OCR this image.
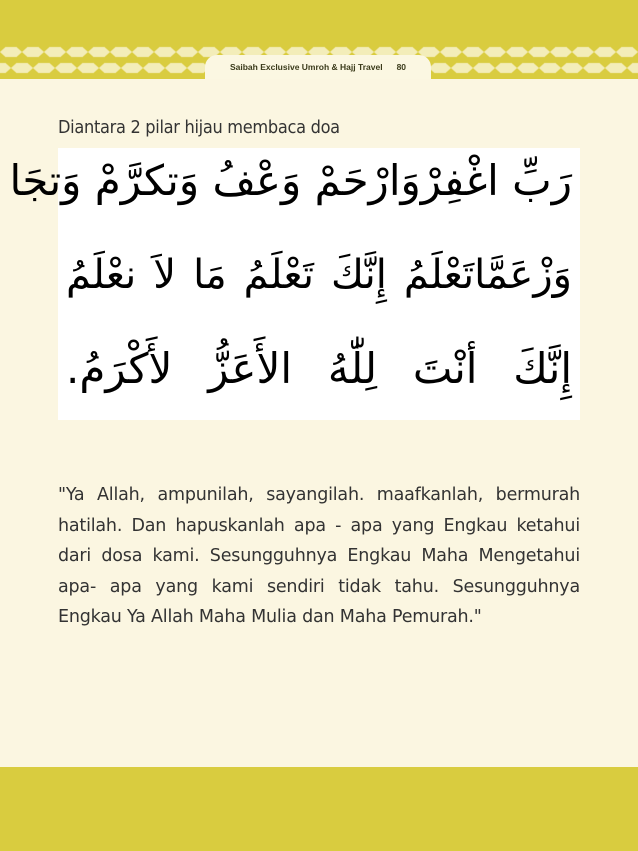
Saibah Exclusive Umroh & Hajj Travel 80
Diantara 2 pilar hijau membaca doa
رَبِّ اغْفِرْوَارْحَمْ وَعْفُ وَتكرَّمْ وَتجَا
وَزْعَمَّاتَعْلَمُ إِنَّكَ تَعْلَمُ مَا لاَ نعْلَمُ
إِنَّكَ أنْتَ لِلّٰهُ الأَعَزُّ لأَكْرَمُ.
"Ya Allah, ampunilah, sayangilah. maafkanlah, bermurah hatilah. Dan hapuskanlah apa - apa yang Engkau ketahui dari dosa kami. Sesungguhnya Engkau Maha Mengetahui apa- apa yang kami sendiri tidak tahu. Sesungguhnya Engkau Ya Allah Maha Mulia dan Maha Pemurah."
